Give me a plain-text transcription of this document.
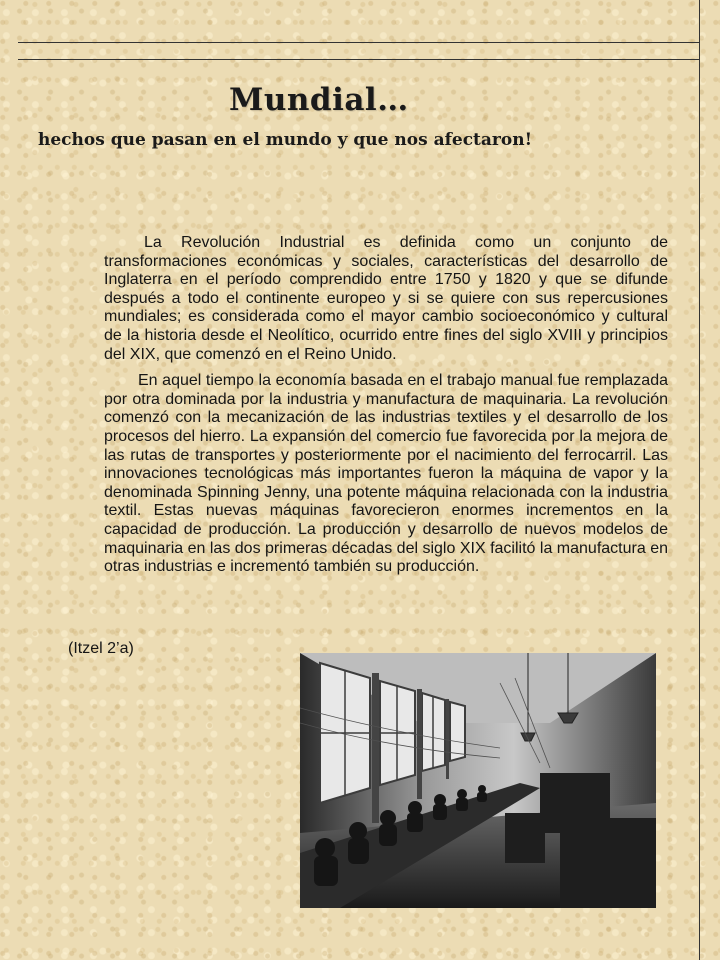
Mundial…
hechos que pasan en el mundo y que nos afectaron!

La Revolución Industrial es definida como un conjunto de transformaciones económicas y sociales, características del desarrollo de Inglaterra en el período comprendido entre 1750 y 1820 y que se difunde después a todo el continente europeo y si se quiere con sus repercusiones mundiales; es considerada como el mayor cambio socioeconómico y cultural de la historia desde el Neolítico, ocurrido entre fines del siglo XVIII y principios del XIX, que comenzó en el Reino Unido.

En aquel tiempo la economía basada en el trabajo manual fue remplazada por otra dominada por la industria y manufactura de maquinaria. La revolución comenzó con la mecanización de las industrias textiles y el desarrollo de los procesos del hierro. La expansión del comercio fue favorecida por la mejora de las rutas de transportes y posteriormente por el nacimiento del ferrocarril. Las innovaciones tecnológicas más importantes fueron la máquina de vapor y la denominada Spinning Jenny, una potente máquina relacionada con la industria textil. Estas nuevas máquinas favorecieron enormes incrementos en la capacidad de producción. La producción y desarrollo de nuevos modelos de maquinaria en las dos primeras décadas del siglo XIX facilitó la manufactura en otras industrias e incrementó también su producción.

(Itzel 2’a)
